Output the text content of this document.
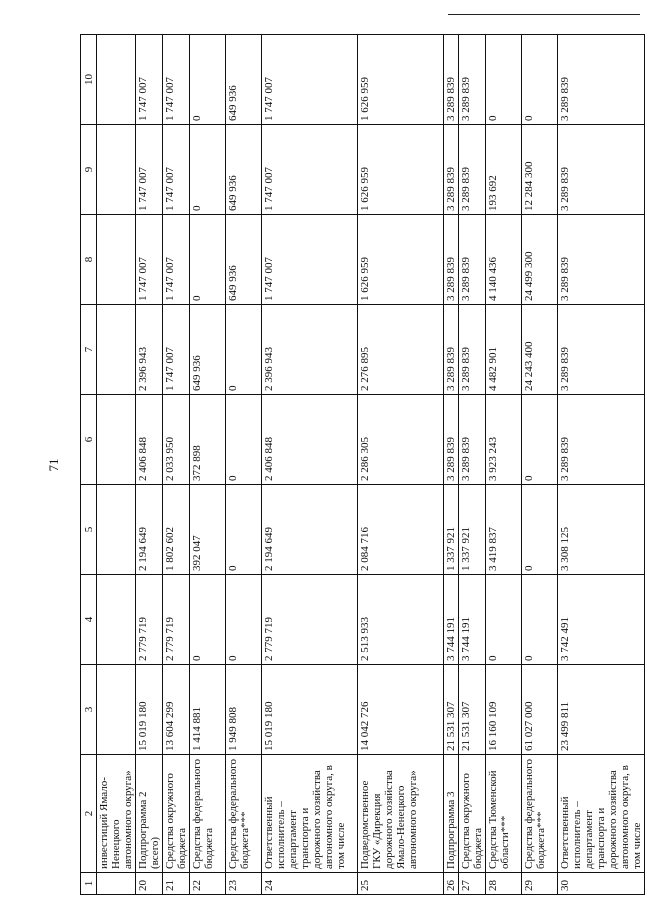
71
1	2	3	4	5	6	7	8	9	10
	инвестиций Ямало-Ненецкого автономного округа»								
20	Подпрограмма 2 (всего)	15 019 180	2 779 719	2 194 649	2 406 848	2 396 943	1 747 007	1 747 007	1 747 007
21	Средства окружного бюджета	13 604 299	2 779 719	1 802 602	2 033 950	1 747 007	1 747 007	1 747 007	1 747 007
22	Средства федерального бюджета	1 414 881	0	392 047	372 898	649 936	0	0	0
23	Средства федерального бюджета***	1 949 808	0	0	0	0	649 936	649 936	649 936
24	Ответственный исполнитель – департамент транспорта и дорожного хозяйства автономного округа, в том числе	15 019 180	2 779 719	2 194 649	2 406 848	2 396 943	1 747 007	1 747 007	1 747 007
25	Подведомственное ГКУ «Дирекция дорожного хозяйства Ямало-Ненецкого автономного округа»	14 042 726	2 513 933	2 084 716	2 286 305	2 276 895	1 626 959	1 626 959	1 626 959
26	Подпрограмма 3	21 531 307	3 744 191	1 337 921	3 289 839	3 289 839	3 289 839	3 289 839	3 289 839
27	Средства окружного бюджета	21 531 307	3 744 191	1 337 921	3 289 839	3 289 839	3 289 839	3 289 839	3 289 839
28	Средства Тюменской области***	16 160 109	0	3 419 837	3 923 243	4 482 901	4 140 436	193 692	0
29	Средства федерального бюджета***	61 027 000	0	0	0	24 243 400	24 499 300	12 284 300	0
30	Ответственный исполнитель – департамент транспорта и дорожного хозяйства автономного округа, в том числе	23 499 811	3 742 491	3 308 125	3 289 839	3 289 839	3 289 839	3 289 839	3 289 839
